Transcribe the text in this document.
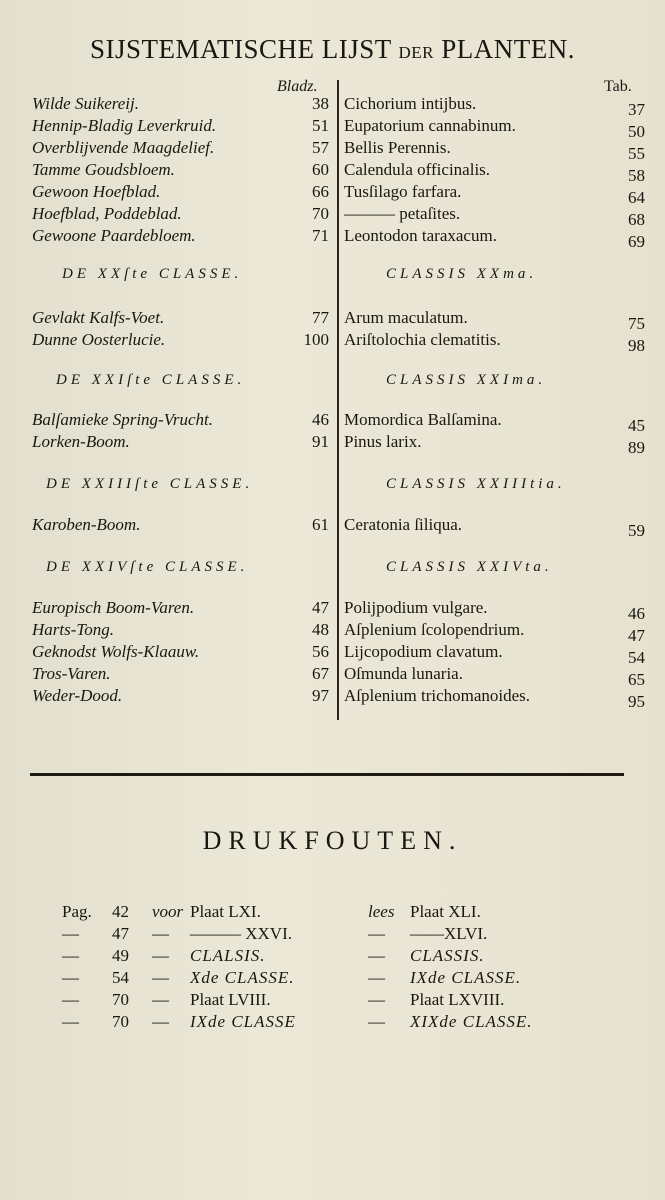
SIJSTEMATISCHE LIJST DER PLANTEN.
Bladz.	Tab.
Wilde Suikereij.	38 Cichorium intijbus.	37
Hennip-Bladig Leverkruid.	51 Eupatorium cannabinum.	50
Overblijvende Maagdelief.	57 Bellis Perennis.	55
Tamme Goudsbloem.	60 Calendula officinalis.	58
Gewoon Hoefblad.	66 Tusſilago farfara.	64
Hoefblad, Poddeblad.	70 ——— petaſites.	68
Gewoone Paardebloem.	71 Leontodon taraxacum.	69
DE XXſte CLASSE.	CLASSIS XXma.
Gevlakt Kalfs-Voet.	77 Arum maculatum.	75
Dunne Oosterlucie.	100 Ariſtolochia clematitis.	98
DE XXIſte CLASSE.	CLASSIS XXIma.
Balſamieke Spring-Vrucht.	46 Momordica Balſamina.	45
Lorken-Boom.	91 Pinus larix.	89
DE XXIIIſte CLASSE.	CLASSIS XXIIItia.
Karoben-Boom.	61 Ceratonia ſiliqua.	59
DE XXIVſte CLASSE.	CLASSIS XXIVta.
Europisch Boom-Varen.	47 Polijpodium vulgare.	46
Harts-Tong.	48 Aſplenium ſcolopendrium.	47
Geknodst Wolfs-Klaauw.	56 Lijcopodium clavatum.	54
Tros-Varen.	67 Oſmunda lunaria.	65
Weder-Dood.	97 Aſplenium trichomanoides.	95
DRUKFOUTEN.
Pag. 42 voor Plaat LXI.	lees Plaat XLI.
— 47 — ——— XXVI.	— ——XLVI.
— 49 — CLALSIS.	— CLASSIS.
— 54 — Xde CLASSE.	— IXde CLASSE.
— 70 — Plaat LVIII.	— Plaat LXVIII.
— 70 — IXde CLASSE	— XIXde CLASSE.
